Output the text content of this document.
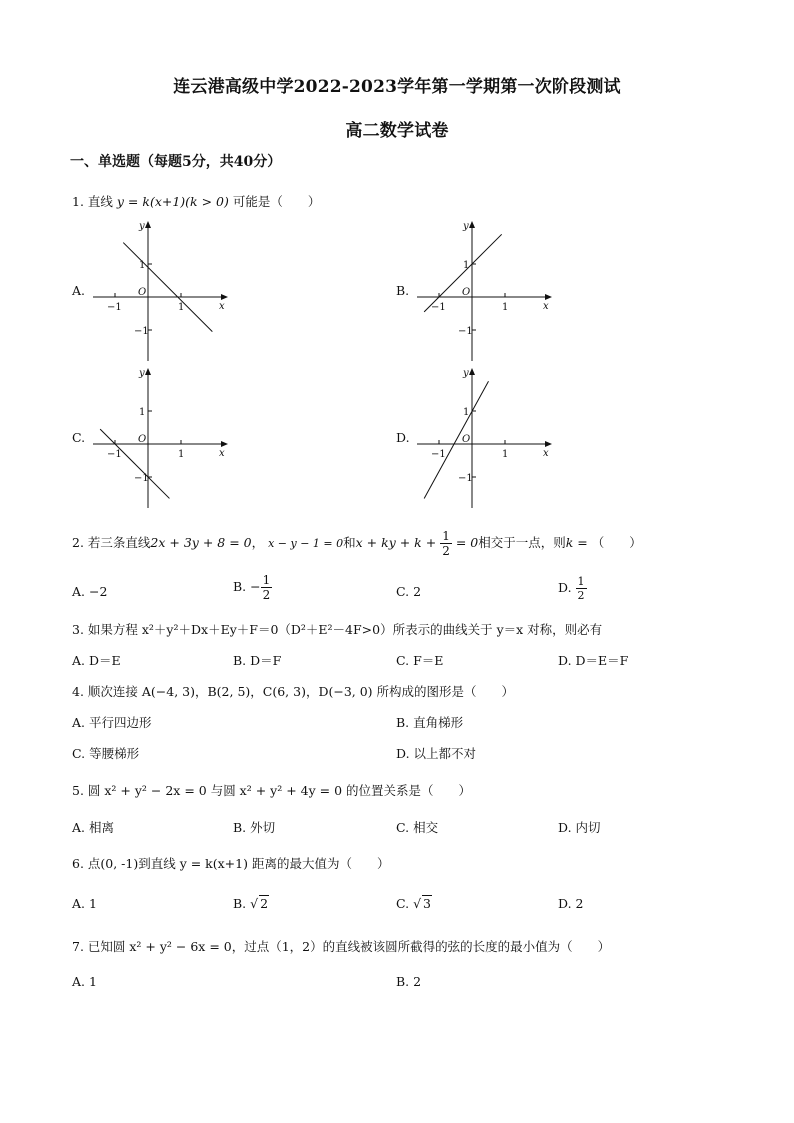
连云港高级中学2022-2023学年第一学期第一次阶段测试
高二数学试卷
一、单选题（每题5分，共40分）
1. 直线 y = k(x+1)(k > 0) 可能是（　　）
A.	B.
C.	D.
y
x
O
1
−1
1
−1
y
x
O
1
−1
1
−1
y
x
O
1
−1
1
−1
y
x
O
1
−1
1
−1
2. 若三条直线2x + 3y + 8 = 0， x − y − 1 = 0和x + ky + $k + \frac{1}{2} = 0$相交于一点，则k = （　　）
A. −2	B. − $\frac{1}{2}$	C. 2	D. $\frac{1}{2}$
3. 如果方程 x²＋y²＋Dx＋Ey＋F＝0（D²＋E²－4F>0）所表示的曲线关于 y＝x 对称，则必有
A. D＝E	B. D＝F	C. F＝E	D. D＝E＝F
4. 顺次连接 A(−4, 3)，B(2, 5)，C(6, 3)，D(−3, 0) 所构成的图形是（　　）
A. 平行四边形	B. 直角梯形
C. 等腰梯形	D. 以上都不对
5. 圆 x² + y² − 2x = 0 与圆 x² + y² + 4y = 0 的位置关系是（　　）
A. 相离	B. 外切	C. 相交	D. 内切
6. 点(0, -1)到直线 y = k(x+1) 距离的最大值为（　　）
A. 1	B. √ 2	C. √ 3	D. 2
7. 已知圆 x² + y² − 6x = 0，过点（1，2）的直线被该圆所截得的弦的长度的最小值为（　　）
A. 1	B. 2
